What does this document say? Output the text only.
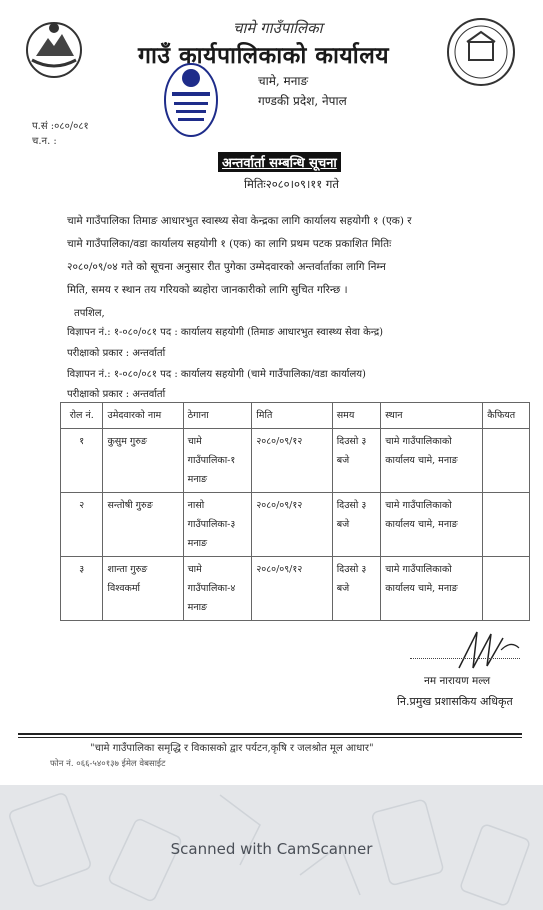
चामे गाउँपालिका
गाउँ कार्यपालिकाको कार्यालय
चामे, मनाङ
गण्डकी प्रदेश, नेपाल
प.सं :०८०/०८१
च.न. :
अन्तर्वार्ता सम्बन्धि सूचना
मितिः२०८०।०९।११ गते
चामे गाउँपालिका तिमाङ आधारभुत स्वास्थ्य सेवा केन्द्रका लागि कार्यालय सहयोगी १ (एक) र
चामे गाउँपालिका/वडा कार्यालय सहयोगी १ (एक) का लागि प्रथम पटक प्रकाशित मितिः
२०८०/०९/०४ गते को सूचना अनुसार रीत पुगेका उम्मेदवारको अन्तर्वार्ताका लागि निम्न
मिति, समय र स्थान तय गरियको ब्यहोरा जानकारीको लागि सुचित गरिन्छ ।
तपशिल,
विज्ञापन नं.: १-०८०/०८१ पद : कार्यालय सहयोगी (तिमाङ आधारभुत स्वास्थ्य सेवा केन्द्र)
परीक्षाको प्रकार : अन्तर्वार्ता
विज्ञापन नं.: १-०८०/०८१ पद : कार्यालय सहयोगी (चामे गाउँपालिका/वडा कार्यालय)
परीक्षाको प्रकार : अन्तर्वार्ता
रोल नं.	उमेदवारको नाम	ठेगाना	मिति	समय	स्थान	कैफियत
१	कुसुम गुरुङ	चामे गाउँपालिका-१ मनाङ	२०८०/०९/१२	दिउसो ३ बजे	चामे गाउँपालिकाको कार्यालय चामे, मनाङ	
२	सन्तोषी गुरुङ	नासो गाउँपालिका-३ मनाङ	२०८०/०९/१२	दिउसो ३ बजे	चामे गाउँपालिकाको कार्यालय चामे, मनाङ	
३	शान्ता गुरुङ विश्वकर्मा	चामे गाउँपालिका-४ मनाङ	२०८०/०९/१२	दिउसो ३ बजे	चामे गाउँपालिकाको कार्यालय चामे, मनाङ	
नम नारायण मल्ल
नि.प्रमुख प्रशासकिय अधिकृत
"चामे गाउँपालिका समृद्धि र विकासको द्वार पर्यटन,कृषि र जलश्रोत मूल आधार"
फोन नं. ०६६-५४०१३७ ईमेल वेबसाईट
Scanned with CamScanner
